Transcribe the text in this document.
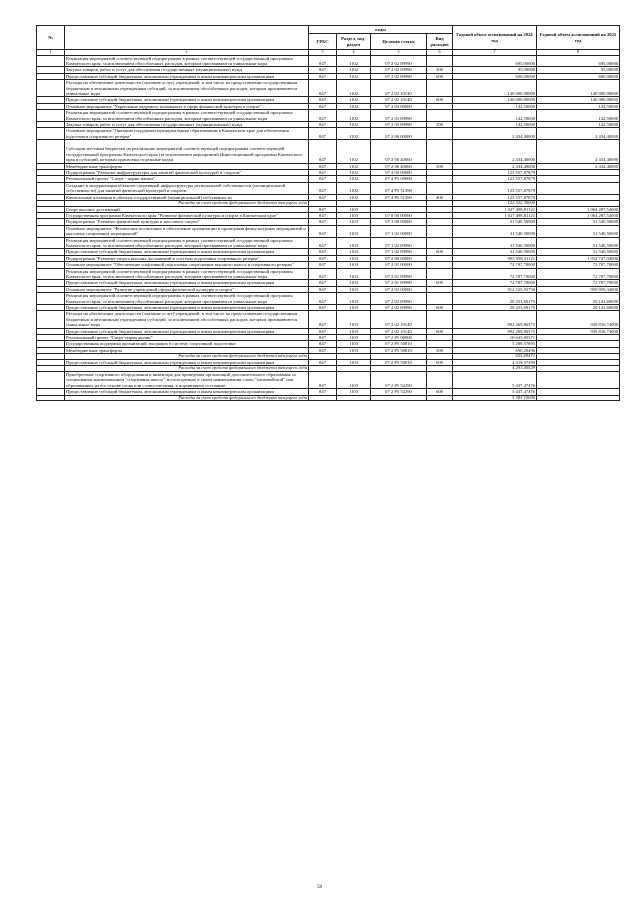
№		коды				Годовой объем ассигнований на 2024 год	Годовой объем ассигнований на 2025 год
		ГРБС	Раздел, под-раздел	Целевая статья	Вид расходов		
1	2	3	4	5	6	7	8
	Реализация мероприятий соответствующей подпрограммы в рамках соответствующей государственной программы Камчатского края, за исключением обособленных расходов, которым присваиваются уникальные коды	847	1102	07 2 02 09990		695,00000	695,00000
	Закупка товаров, работ и услуг для обеспечения государственных (муниципальных) нужд	847	1102	07 2 02 09990	200	95,00000	95,00000
	Предоставление субсидий бюджетным, автономным учреждениям и иным некоммерческим организациям	847	1102	07 2 02 09990	600	600,00000	600,00000
	Расходы на обеспечение деятельности (оказание услуг) учреждений, в том числе на предоставление государственным бюджетным и автономным учреждениям субсидий, за исключением обособленных расходов, которым присваиваются уникальные коды	847	1102	07 2 02 10140		140 000,00000	140 000,00000
	Предоставление субсидий бюджетным, автономным учреждениям и иным некоммерческим организациям	847	1102	07 2 02 10140	600	140 000,00000	140 000,00000
	Основное мероприятие "Укрепление кадрового потенциала в сфере физической культуры и спорта"	847	1102	07 2 03 00000		142,50000	142,50000
	Реализация мероприятий соответствующей подпрограммы в рамках соответствующей государственной программы Камчатского края, за исключением обособленных расходов, которым присваиваются уникальные коды	847	1102	07 2 03 09990		142,50000	142,50000
	Закупка товаров, работ и услуг для обеспечения государственных (муниципальных) нужд	847	1102	07 2 03 09990	200	142,50000	142,50000
	Основное мероприятие "Оказание поддержки муниципальным образованиям в Камчатском крае для обеспечения подготовки спортивного резерва"	847	1102	07 2 06 00000		2 434,40000	2 434,40000
	Субсидии местным бюджетам на реализацию мероприятий соответствующей подпрограммы соответствующей государственной программы Камчатского края (за исключением мероприятий Инвестиционной программы Камчатского края и субсидий, которым присвоены отдельные коды)	847	1102	07 2 06 40060		2 434,40000	2 434,40000
	Межбюджетные трансферты	847	1102	07 2 06 40060	500	2 434,40000	2 434,40000
	Подпрограмма "Развитие инфраструктуры для занятий физической культурой и спортом"	847	1102	07 4 00 00000		123 557,87879	
	Региональный проект "Спорт - норма жизни"	847	1102	07 4 P5 00000		123 557,87879	
	Создание и модернизация объектов спортивной инфраструктуры региональной собственности (муниципальной собственности) для занятий физической культурой и спортом	847	1102	07 4 P5 51390		123 557,87879	
	Капитальные вложения в объекты государственной (муниципальной) собственности	847	1102	07 4 P5 51390	400	123 557,87879	
	Расходы за счет средств федерального бюджета текущего года					122 322,30000	
	Спорт высших достижений	847	1103			1 027 498,81121	1 064 287,54000
	Государственная программа Камчатского края "Развитие физической культуры и спорта в Камчатском крае"	847	1103	07 0 00 00000		1 027 498,81121	1 064 287,54000
	Подпрограмма "Развитие физической культуры и массового спорта"	847	1103	07 1 00 00000		31 540,50000	31 540,50000
	Основное мероприятие "Физическое воспитание и обеспечение организации и проведения физкультурных мероприятий и массовых спортивных мероприятий"	847	1103	07 1 02 00000		31 540,50000	31 540,50000
	Реализация мероприятий соответствующей подпрограммы в рамках соответствующей государственной программы Камчатского края, за исключением обособленных расходов, которым присваиваются уникальные коды	847	1103	07 1 02 09990		31 540,50000	31 540,50000
	Предоставление субсидий бюджетным, автономным учреждениям и иным некоммерческим организациям	847	1103	07 1 02 09990	600	31 540,50000	31 540,50000
	Подпрограмма "Развитие спорта высших достижений и системы подготовки спортивного резерва"	847	1103	07 2 00 00000		995 958,31121	1 032 747,04000
	Основное мероприятие "Обеспечение спортивной подготовки спортсменов высокого класса и спортивного резерва"	847	1103	07 2 01 00000		72 787,70000	72 787,70000
	Реализация мероприятий соответствующей подпрограммы в рамках соответствующей государственной программы Камчатского края, за исключением обособленных расходов, которым присваиваются уникальные коды	847	1103	07 2 01 09990		72 787,70000	72 787,70000
	Предоставление субсидий бюджетным, автономным учреждениям и иным некоммерческим организациям	847	1103	07 2 01 09990	600	72 787,70000	72 787,70000
	Основное мероприятие "Развитие учреждений сферы физической культуры и спорта"	847	1103	07 2 02 00000		912 525,55750	959 959,34000
	Реализация мероприятий соответствующей подпрограммы в рамках соответствующей государственной программы Камчатского края, за исключением обособленных расходов, которым присваиваются уникальные коды	847	1103	07 2 02 09990		20 253,69175	20 142,60000
	Предоставление субсидий бюджетным, автономным учреждениям и иным некоммерческим организациям	847	1103	07 2 02 09990	600	20 253,69175	20 142,60000
	Расходы на обеспечение деятельности (оказание услуг) учреждений, в том числе на предоставление государственным бюджетным и автономным учреждениям субсидий, за исключением обособленных расходов, которым присваиваются уникальные коды	847	1103	07 2 02 10140		892 269,86575	939 816,74000
	Предоставление субсидий бюджетным, автономным учреждениям и иным некоммерческим организациям	847	1103	07 2 02 10140	600	892 269,86575	939 816,74000
	Региональный проект "Спорт-норма жизни"	847	1103	07 2 P5 00000		10 645,05371	
	Государственная поддержка организаций, входящих в систему спортивной подготовки	847	1103	07 2 P5 50810		5 209,57895	
	Межбюджетные трансферты	847	1103	07 2 P5 50810	500	690,20496	
	Расходы за счет средств федерального бюджета текущего года					655,69471	
	Предоставление субсидий бюджетным, автономным учреждениям и иным некоммерческим организациям	847	1103	07 2 P5 50810	600	4 519,37399	
	Расходы за счет средств федерального бюджета текущего года					4 293,40529	
	Приобретение спортивного оборудования и инвентаря для приведения организаций дополнительного образования со специальным наименованием "спортивная школа", использующих в своем наименовании слово "олимпийский" или образованных на его основе слова или словосочетания, в нормативное состояние	847	1103	07 2 P5 52290		5 437,47476	
	Предоставление субсидий бюджетным, автономным учреждениям и иным некоммерческим организациям	847	1103	07 2 P5 52290	600	5 437,47476	
	Расходы за счет средств федерального бюджета текущего года					5 383,10000	
58
